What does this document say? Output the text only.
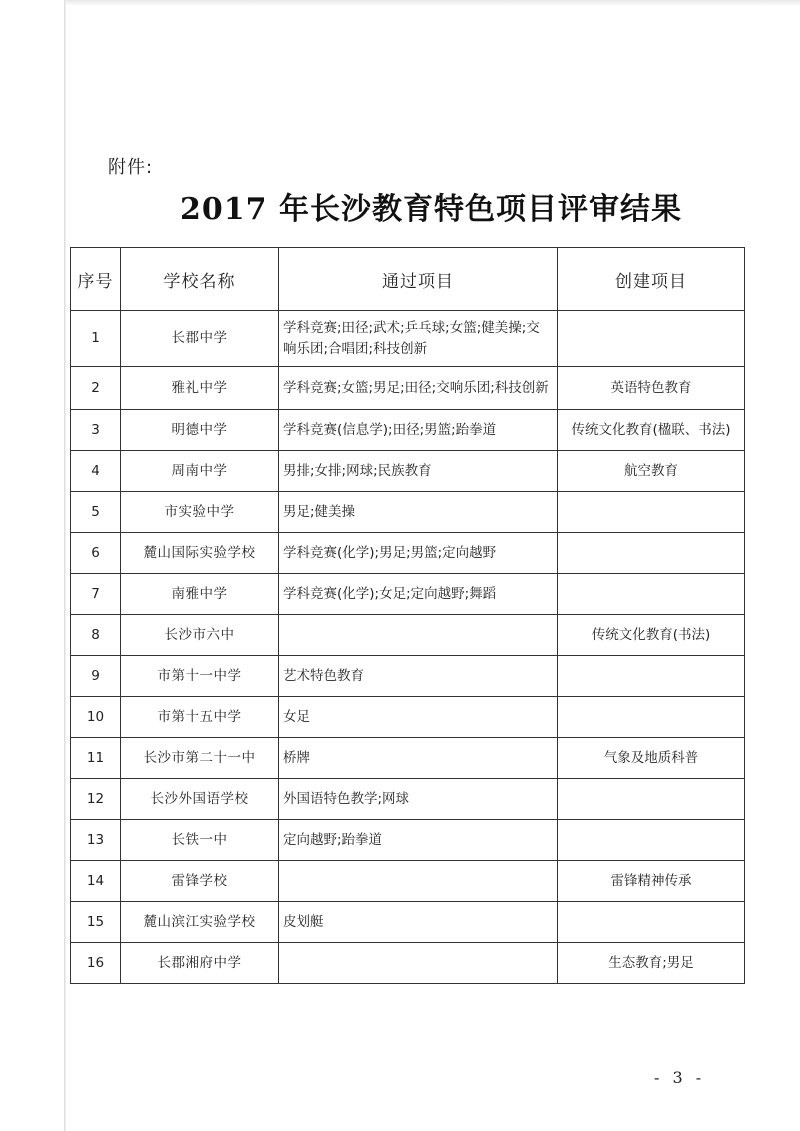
附件:
2017 年长沙教育特色项目评审结果
序号	学校名称	通过项目	创建项目
1	长郡中学	学科竞赛;田径;武术;乒乓球;女篮;健美操;交响乐团;合唱团;科技创新	
2	雅礼中学	学科竞赛;女篮;男足;田径;交响乐团;科技创新	英语特色教育
3	明德中学	学科竞赛(信息学);田径;男篮;跆拳道	传统文化教育(楹联、书法)
4	周南中学	男排;女排;网球;民族教育	航空教育
5	市实验中学	男足;健美操	
6	麓山国际实验学校	学科竞赛(化学);男足;男篮;定向越野	
7	南雅中学	学科竞赛(化学);女足;定向越野;舞蹈	
8	长沙市六中		传统文化教育(书法)
9	市第十一中学	艺术特色教育	
10	市第十五中学	女足	
11	长沙市第二十一中	桥牌	气象及地质科普
12	长沙外国语学校	外国语特色教学;网球	
13	长铁一中	定向越野;跆拳道	
14	雷锋学校		雷锋精神传承
15	麓山滨江实验学校	皮划艇	
16	长郡湘府中学		生态教育;男足
- 3 -
